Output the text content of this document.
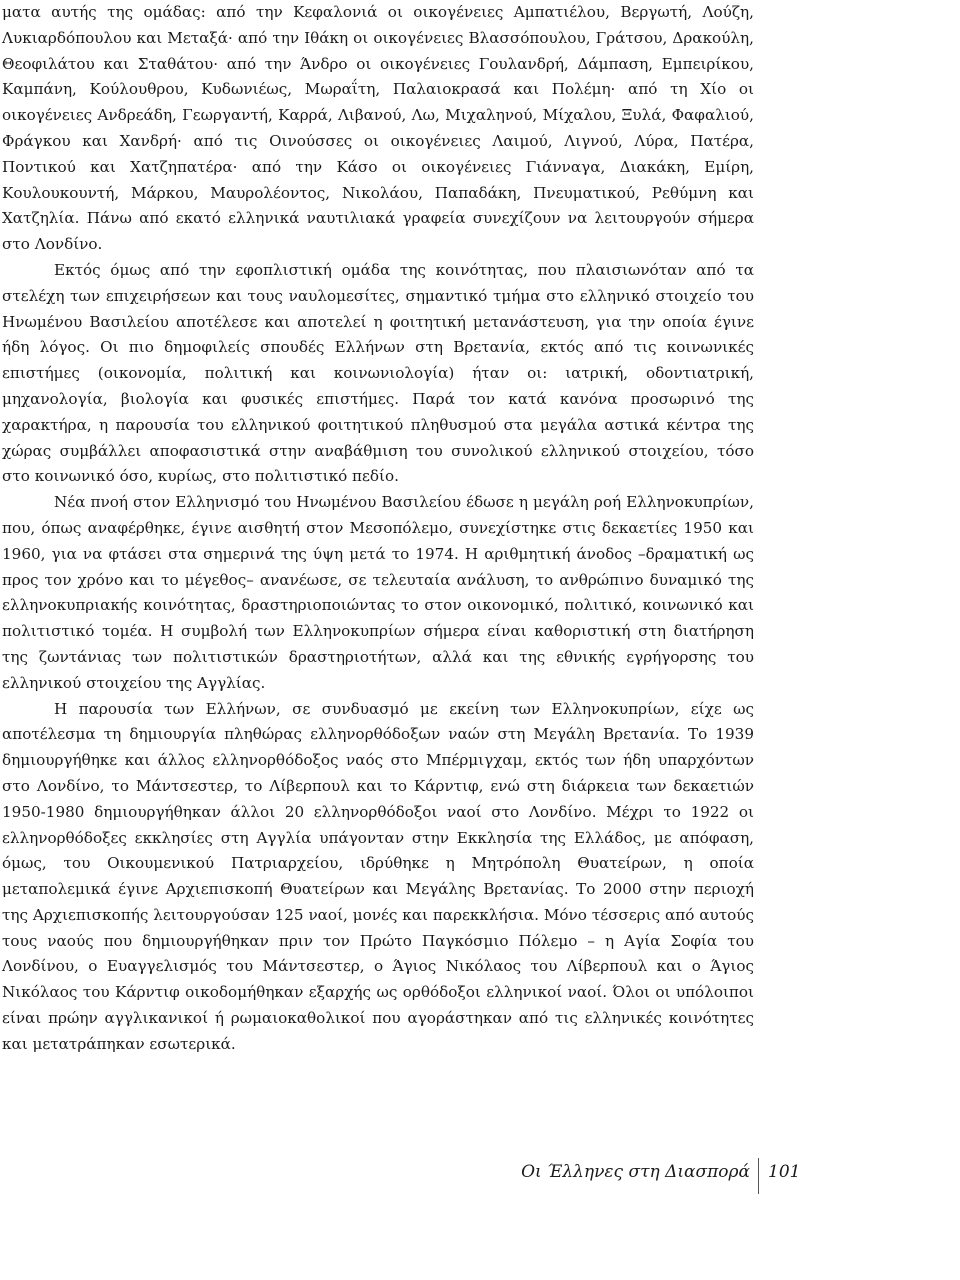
ματα αυτής της ομάδας: από την Κεφαλονιά οι οικογένειες Αμπατιέλου, Βεργωτή, Λούζη, Λυκιαρδόπουλου και Μεταξά· από την Ιθάκη οι οικογένειες Βλασσόπουλου, Γράτσου, Δρακούλη, Θεοφιλάτου και Σταθάτου· από την Άνδρο οι οικογένειες Γουλανδρή, Δάμπαση, Εμπειρίκου, Καμπάνη, Κούλουθρου, Κυδωνιέως, Μωραΐτη, Παλαιοκρασά και Πολέμη· από τη Χίο οι οικογένειες Ανδρεάδη, Γεωργαντή, Καρρά, Λιβανού, Λω, Μιχαληνού, Μίχαλου, Ξυλά, Φαφαλιού, Φράγκου και Χανδρή· από τις Οινούσσες οι οικογένειες Λαιμού, Λιγνού, Λύρα, Πατέρα, Ποντικού και Χατζηπατέρα· από την Κάσο οι οικογένειες Γιάνναγα, Διακάκη, Εμίρη, Κουλουκουντή, Μάρκου, Μαυρολέοντος, Νικολάου, Παπαδάκη, Πνευματικού, Ρεθύμνη και Χατζηλία. Πάνω από εκατό ελληνικά ναυτιλιακά γραφεία συνεχίζουν να λειτουργούν σήμερα στο Λονδίνο.

Εκτός όμως από την εφοπλιστική ομάδα της κοινότητας, που πλαισιωνόταν από τα στελέχη των επιχειρήσεων και τους ναυλομεσίτες, σημαντικό τμήμα στο ελληνικό στοιχείο του Ηνωμένου Βασιλείου αποτέλεσε και αποτελεί η φοιτητική μετανάστευση, για την οποία έγινε ήδη λόγος. Οι πιο δημοφιλείς σπουδές Ελλήνων στη Βρετανία, εκτός από τις κοινωνικές επιστήμες (οικονομία, πολιτική και κοινωνιολογία) ήταν οι: ιατρική, οδοντιατρική, μηχανολογία, βιολογία και φυσικές επιστήμες. Παρά τον κατά κανόνα προσωρινό της χαρακτήρα, η παρουσία του ελληνικού φοιτητικού πληθυσμού στα μεγάλα αστικά κέντρα της χώρας συμβάλλει αποφασιστικά στην αναβάθμιση του συνολικού ελληνικού στοιχείου, τόσο στο κοινωνικό όσο, κυρίως, στο πολιτιστικό πεδίο.

Νέα πνοή στον Ελληνισμό του Ηνωμένου Βασιλείου έδωσε η μεγάλη ροή Ελληνοκυπρίων, που, όπως αναφέρθηκε, έγινε αισθητή στον Μεσοπόλεμο, συνεχίστηκε στις δεκαετίες 1950 και 1960, για να φτάσει στα σημερινά της ύψη μετά το 1974. Η αριθμητική άνοδος –δραματική ως προς τον χρόνο και το μέγεθος– ανανέωσε, σε τελευταία ανάλυση, το ανθρώπινο δυναμικό της ελληνοκυπριακής κοινότητας, δραστηριοποιώντας το στον οικονομικό, πολιτικό, κοινωνικό και πολιτιστικό τομέα. Η συμβολή των Ελληνοκυπρίων σήμερα είναι καθοριστική στη διατήρηση της ζωντάνιας των πολιτιστικών δραστηριοτήτων, αλλά και της εθνικής εγρήγορσης του ελληνικού στοιχείου της Αγγλίας.

Η παρουσία των Ελλήνων, σε συνδυασμό με εκείνη των Ελληνοκυπρίων, είχε ως αποτέλεσμα τη δημιουργία πληθώρας ελληνορθόδοξων ναών στη Μεγάλη Βρετανία. Το 1939 δημιουργήθηκε και άλλος ελληνορθόδοξος ναός στο Μπέρμιγχαμ, εκτός των ήδη υπαρχόντων στο Λονδίνο, το Μάντσεστερ, το Λίβερπουλ και το Κάρντιφ, ενώ στη διάρκεια των δεκαετιών 1950-1980 δημιουργήθηκαν άλλοι 20 ελληνορθόδοξοι ναοί στο Λονδίνο. Μέχρι το 1922 οι ελληνορθόδοξες εκκλησίες στη Αγγλία υπάγονταν στην Εκκλησία της Ελλάδος, με απόφαση, όμως, του Οικουμενικού Πατριαρχείου, ιδρύθηκε η Μητρόπολη Θυατείρων, η οποία μεταπολεμικά έγινε Αρχιεπισκοπή Θυατείρων και Μεγάλης Βρετανίας. Το 2000 στην περιοχή της Αρχιεπισκοπής λειτουργούσαν 125 ναοί, μονές και παρεκκλήσια. Μόνο τέσσερις από αυτούς τους ναούς που δημιουργήθηκαν πριν τον Πρώτο Παγκόσμιο Πόλεμο – η Αγία Σοφία του Λονδίνου, ο Ευαγγελισμός του Μάντσεστερ, ο Άγιος Νικόλαος του Λίβερπουλ και ο Άγιος Νικόλαος του Κάρντιφ οικοδομήθηκαν εξαρχής ως ορθόδοξοι ελληνικοί ναοί. Όλοι οι υπόλοιποι είναι πρώην αγγλικανικοί ή ρωμαιοκαθολικοί που αγοράστηκαν από τις ελληνικές κοινότητες και μετατράπηκαν εσωτερικά.

Οι Έλληνες στη Διασπορά 101
